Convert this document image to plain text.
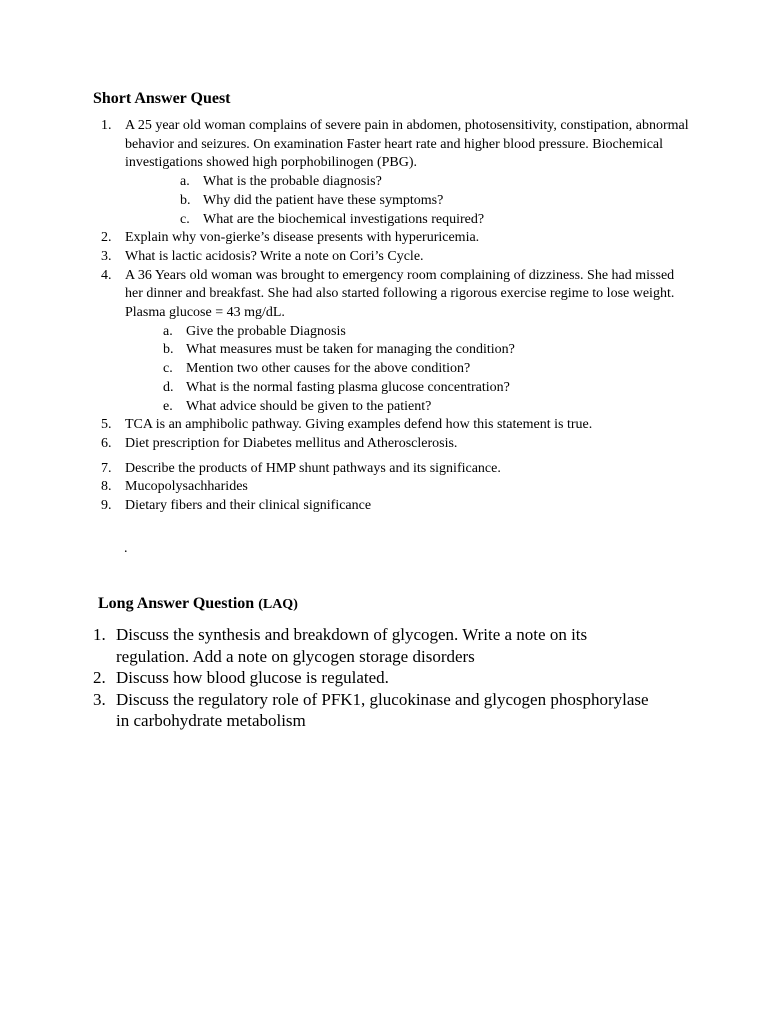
Short Answer Quest
1. A 25 year old woman complains of severe pain in abdomen, photosensitivity, constipation, abnormal behavior and seizures. On examination Faster heart rate and higher blood pressure. Biochemical investigations showed high porphobilinogen (PBG).
a. What is the probable diagnosis?
b. Why did the patient have these symptoms?
c. What are the biochemical investigations required?
2. Explain why von-gierke’s disease presents with hyperuricemia.
3. What is lactic acidosis? Write a note on Cori’s Cycle.
4. A 36 Years old woman was brought to emergency room complaining of dizziness. She had missed her dinner and breakfast. She had also started following a rigorous exercise regime to lose weight. Plasma glucose = 43 mg/dL.
a. Give the probable Diagnosis
b. What measures must be taken for managing the condition?
c. Mention two other causes for the above condition?
d. What is the normal fasting plasma glucose concentration?
e. What advice should be given to the patient?
5. TCA is an amphibolic pathway. Giving examples defend how this statement is true.
6. Diet prescription for Diabetes mellitus and Atherosclerosis.
7. Describe the products of HMP shunt pathways and its significance.
8. Mucopolysachharides
9. Dietary fibers and their clinical significance
.
Long Answer Question (LAQ)
1. Discuss the synthesis and breakdown of glycogen. Write a note on its regulation. Add a note on glycogen storage disorders
2. Discuss how blood glucose is regulated.
3. Discuss the regulatory role of PFK1, glucokinase and glycogen phosphorylase in carbohydrate metabolism
